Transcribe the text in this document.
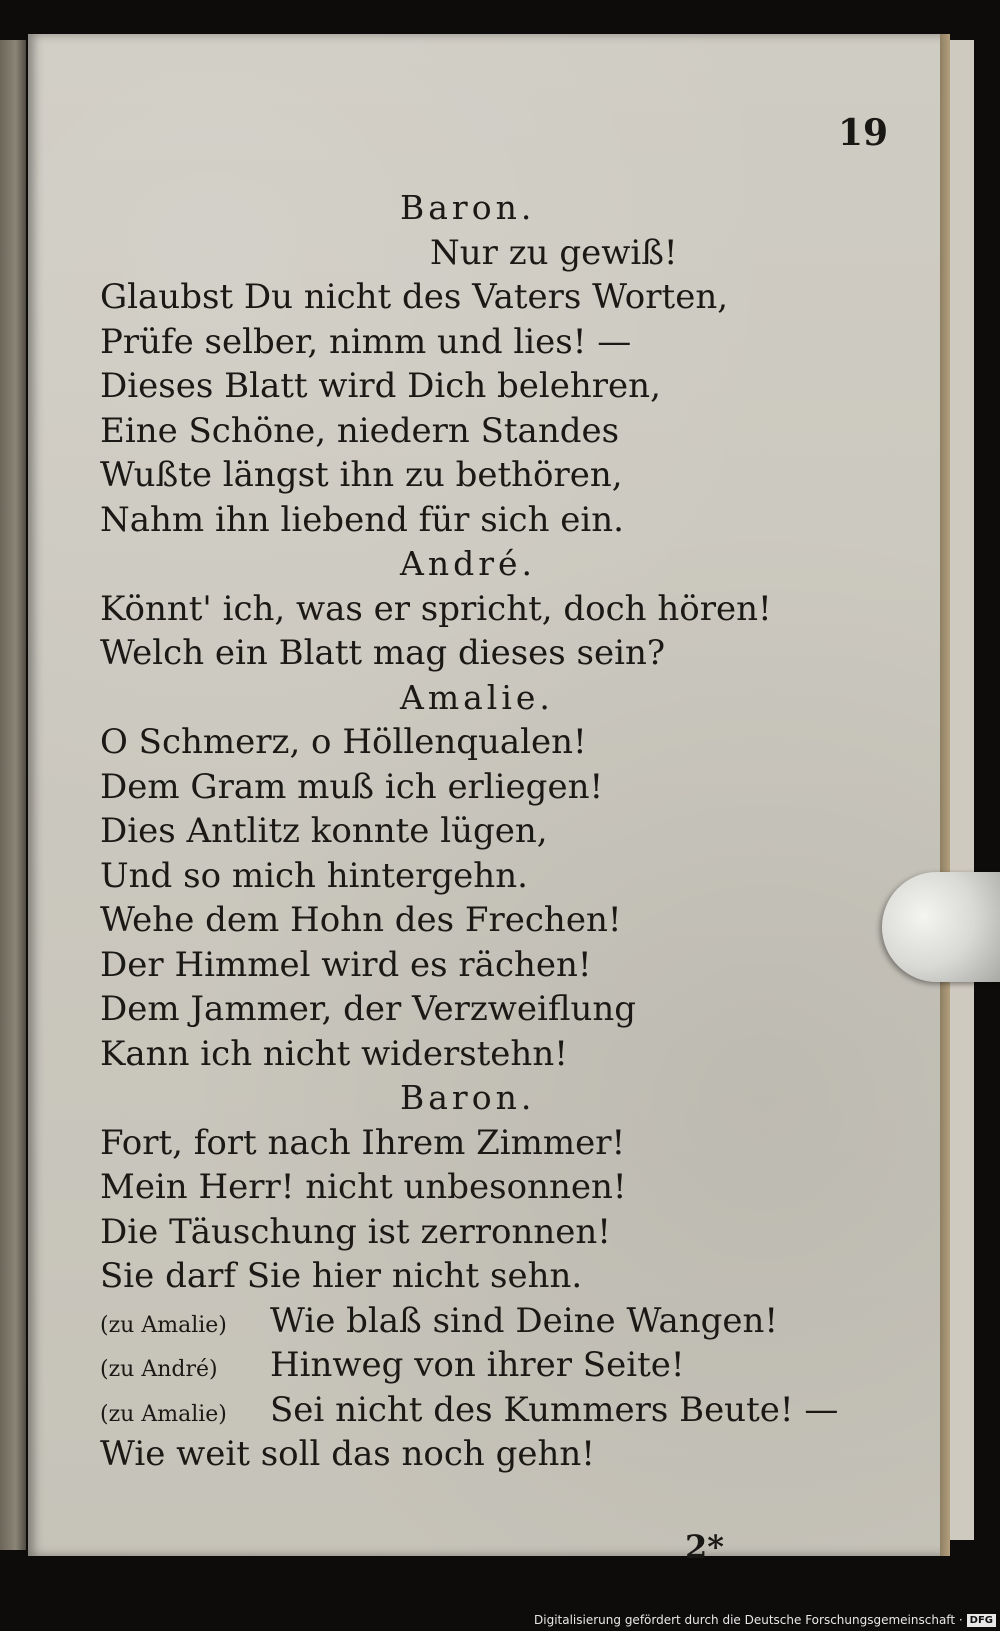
19
Baron.
Nur zu gewiß!
Glaubst Du nicht des Vaters Worten,
Prüfe selber, nimm und lies! —
Dieses Blatt wird Dich belehren,
Eine Schöne, niedern Standes
Wußte längst ihn zu bethören,
Nahm ihn liebend für sich ein.
André.
Könnt' ich, was er spricht, doch hören!
Welch ein Blatt mag dieses sein?
Amalie.
O Schmerz, o Höllenqualen!
Dem Gram muß ich erliegen!
Dies Antlitz konnte lügen,
Und so mich hintergehn.
Wehe dem Hohn des Frechen!
Der Himmel wird es rächen!
Dem Jammer, der Verzweiflung
Kann ich nicht widerstehn!
Baron.
Fort, fort nach Ihrem Zimmer!
Mein Herr! nicht unbesonnen!
Die Täuschung ist zerronnen!
Sie darf Sie hier nicht sehn.
(zu Amalie) Wie blaß sind Deine Wangen!
(zu André) Hinweg von ihrer Seite!
(zu Amalie) Sei nicht des Kummers Beute! —
Wie weit soll das noch gehn!
2*
Digitalisierung gefördert durch die Deutsche Forschungsgemeinschaft · DFG
